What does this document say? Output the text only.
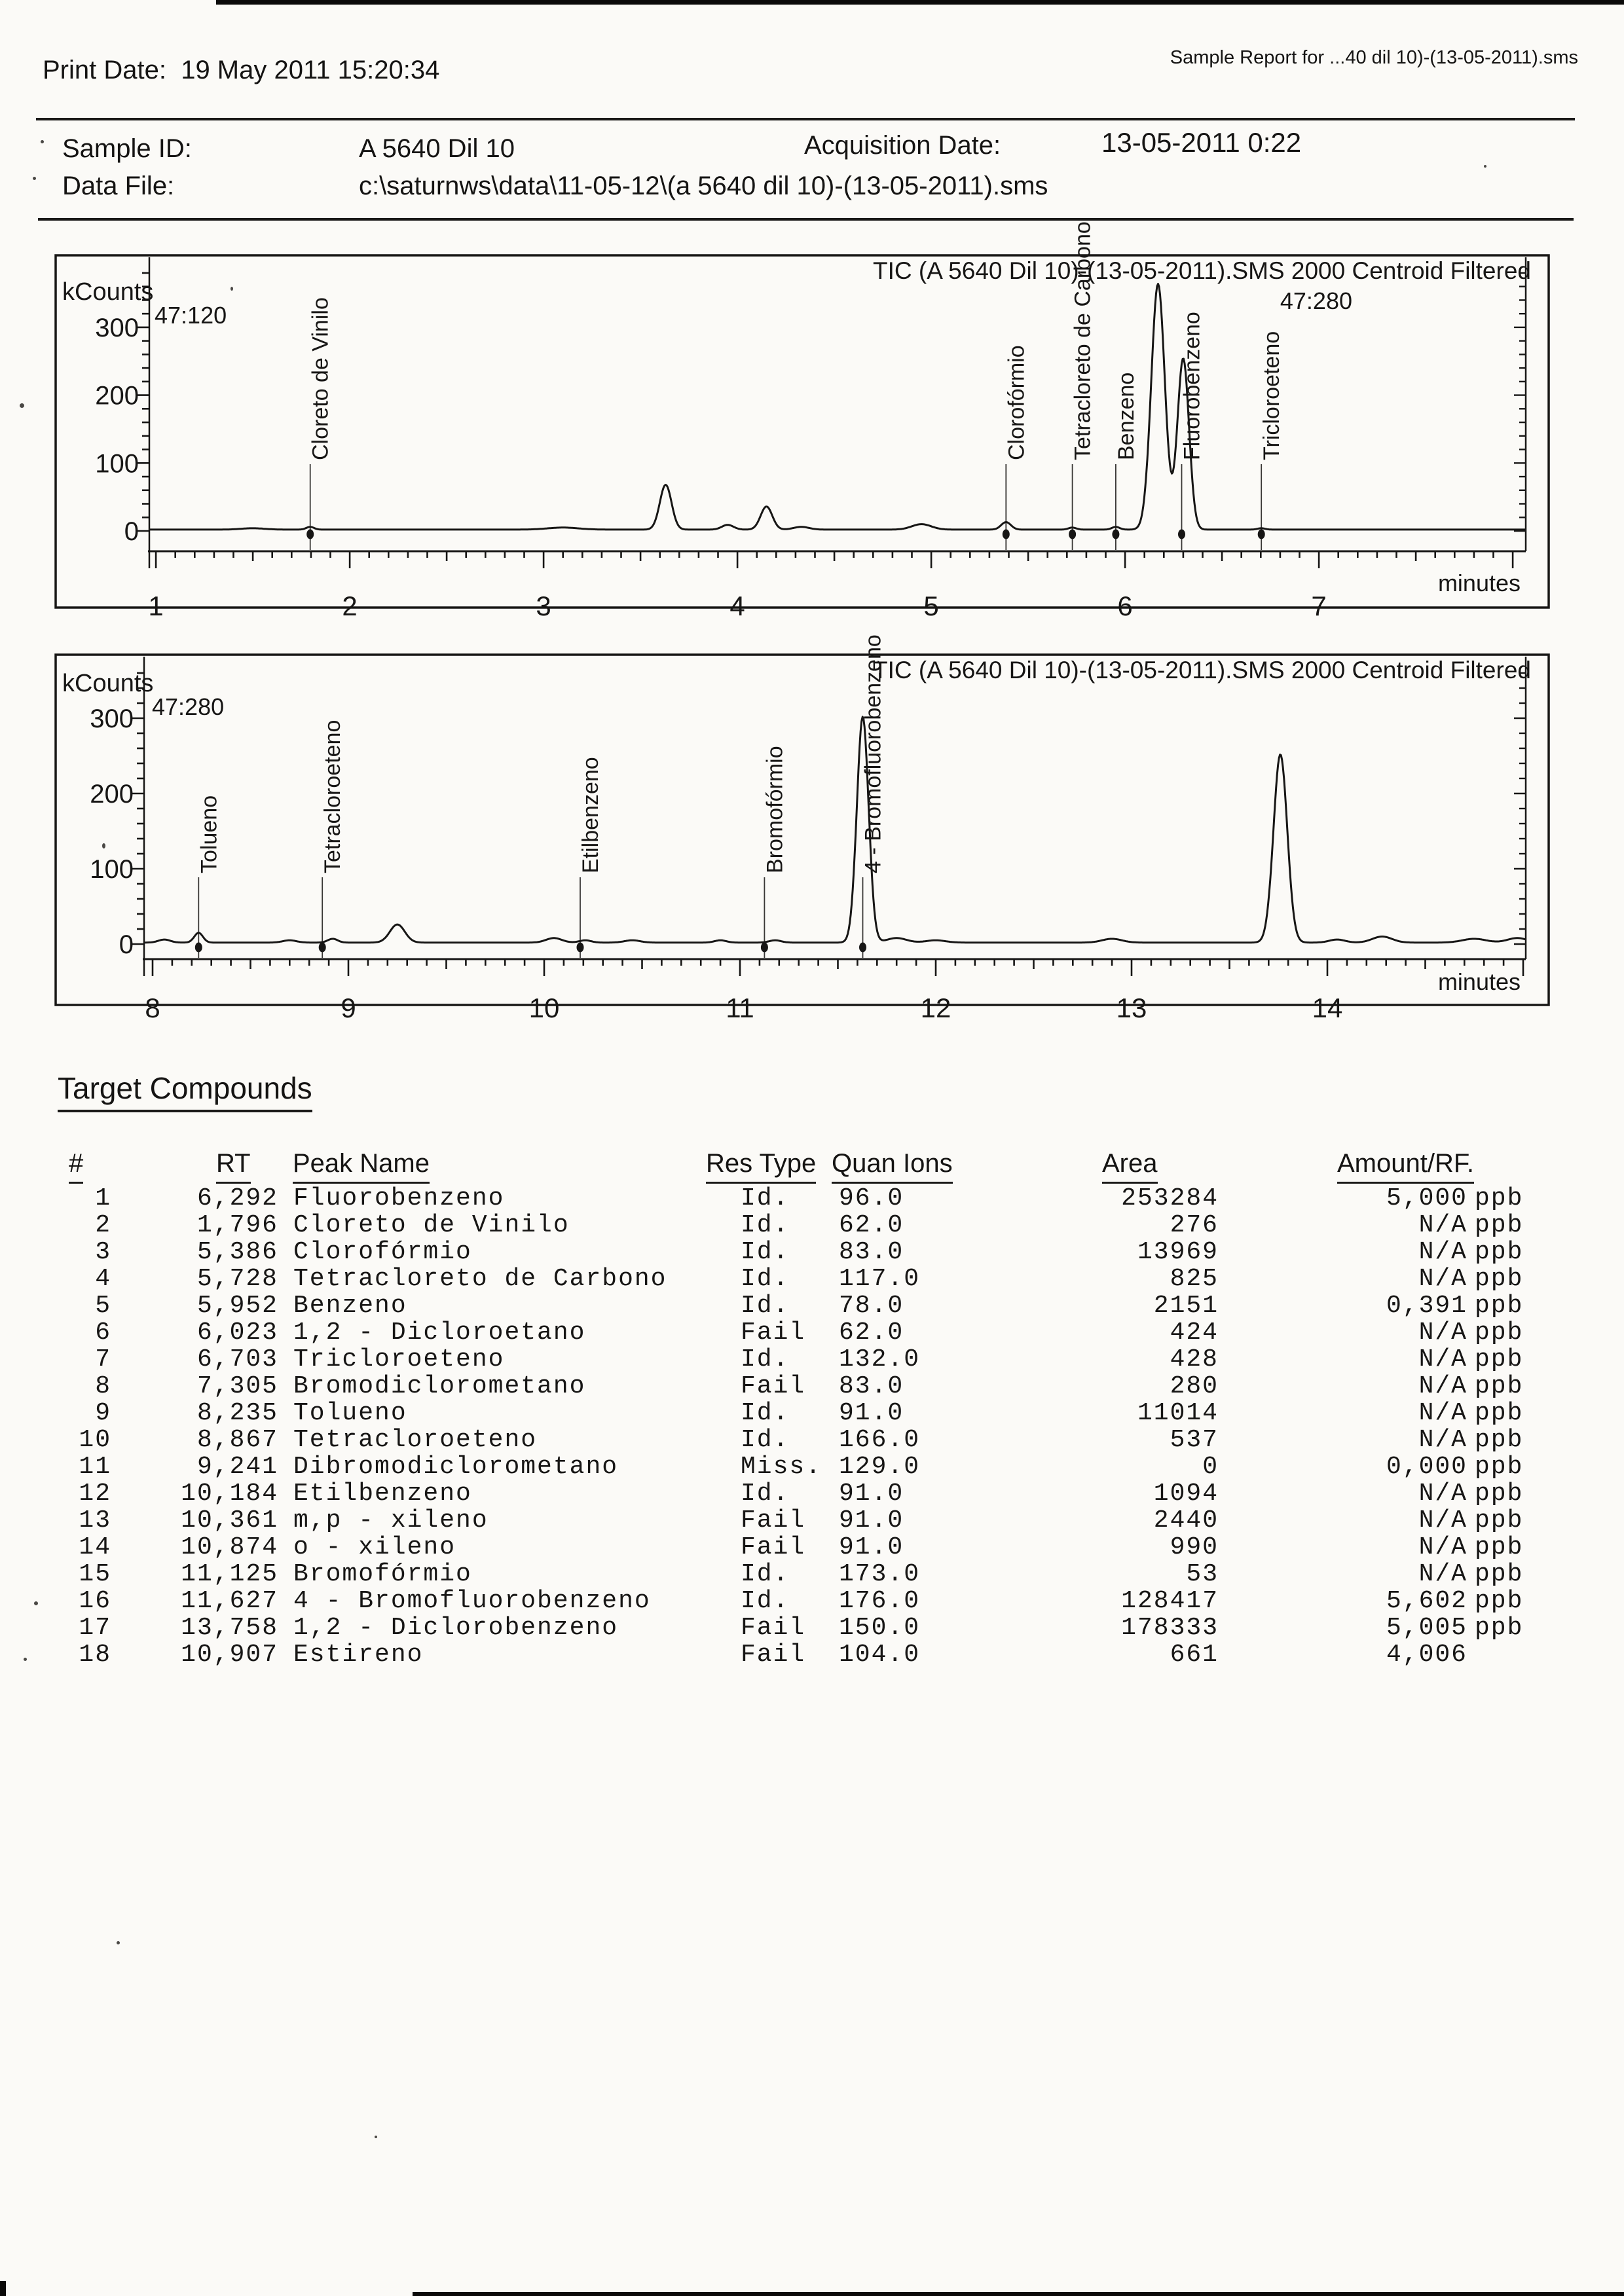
Print Date: 19 May 2011 15:20:34	Sample Report for ...40 dil 10)-(13-05-2011).sms
Sample ID:	A 5640 Dil 10	Acquisition Date:	13-05-2011 0:22
Data File:	c:\saturnws\data\11-05-12\(a 5640 dil 10)-(13-05-2011).sms
0
100
200
300
1	2	3	4	5	6	7
Cloreto de Vinilo	Clorofórmio Tetracloreto de Carbono Benzeno Fluorobenzeno Tricloroeteno
kCounts
47:120
TIC (A 5640 Dil 10)-(13-05-2011).SMS 2000 Centroid Filtered
47:280
minutes
0
100
200
300
8	9	10	11	12	13	14
Tolueno	Tetracloroeteno	Etilbenzeno	Bromofórmio	4 - Bromofluorobenzeno
kCounts
47:280
TIC (A 5640 Dil 10)-(13-05-2011).SMS 2000 Centroid Filtered
minutes
Target Compounds
#	RT Peak Name	Res Type Quan Ions	Area	Amount/RF.
1	6,292 Fluorobenzeno	Id.	96.0	253284	5,000 ppb
2	1,796 Cloreto de Vinilo	Id.	62.0	276	N/A ppb
3	5,386 Clorofórmio	Id.	83.0	13969	N/A ppb
4	5,728 Tetracloreto de Carbono	Id.	117.0	825	N/A ppb
5	5,952 Benzeno	Id.	78.0	2151	0,391 ppb
6	6,023 1,2 - Dicloroetano	Fail	62.0	424	N/A ppb
7	6,703 Tricloroeteno	Id.	132.0	428	N/A ppb
8	7,305 Bromodiclorometano	Fail	83.0	280	N/A ppb
9	8,235 Tolueno	Id.	91.0	11014	N/A ppb
10	8,867 Tetracloroeteno	Id.	166.0	537	N/A ppb
11	9,241 Dibromodiclorometano	Miss. 129.0	0	0,000 ppb
12	10,184 Etilbenzeno	Id.	91.0	1094	N/A ppb
13	10,361 m,p - xileno	Fail	91.0	2440	N/A ppb
14	10,874 o - xileno	Fail	91.0	990	N/A ppb
15	11,125 Bromofórmio	Id.	173.0	53	N/A ppb
16	11,627 4 - Bromofluorobenzeno	Id.	176.0	128417	5,602 ppb
17	13,758 1,2 - Diclorobenzeno	Fail	150.0	178333	5,005 ppb
18	10,907 Estireno	Fail	104.0	661	4,006
